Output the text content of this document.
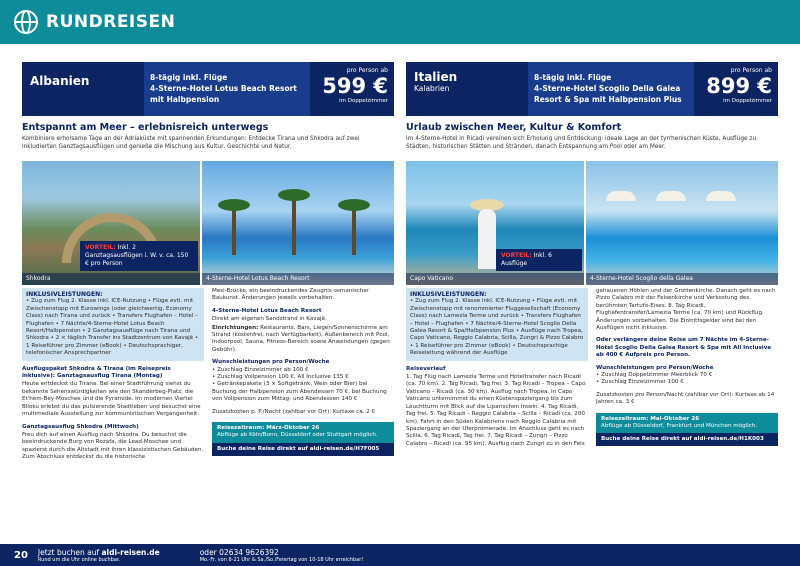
RUNDREISEN
Albanien	8-tägig inkl. Flüge
4-Sterne-Hotel Lotus Beach Resort
mit Halbpension
pro Person ab
599 €
im Doppelzimmer
Entspannt am Meer – erlebnisreich unterwegs
Kombiniere erholsame Tage an der Adriaküste mit spannenden Erkundungen: Entdecke Tirana und Shkodra auf zwei inkludierten Ganztagsausflügen und genieße die Mischung aus Kultur, Geschichte und Natur.
Shkodra	4-Sterne-Hotel Lotus Beach Resort
VORTEIL: Inkl. 2 Ganztagsausflügen i. W. v. ca. 150 € pro Person
INKLUSIVLEISTUNGEN:
• Zug zum Flug 2. Klasse inkl. ICE-Nutzung • Flüge evtl. mit Zwischenstopp mit Eurowings (oder gleichwertig, Economy Class) nach Tirana und zurück • Transfers Flughafen – Hotel – Flughafen • 7 Nächte/4-Sterne-Hotel Lotus Beach Resort/Halbpension • 2 Ganztagsausflüge nach Tirana und Shkodra • 2 × täglich Transfer ins Stadtzentrum von Kavajë • 1 Reiseführer pro Zimmer (eBook) • Deutschsprachiger, telefonischer Ansprechpartner
Ausflugspaket Shkodra & Tirana (im Reisepreis inklusive): Ganztagsausflug Tirana (Montag)

Heute entdeckst du Tirana. Bei einer Stadtführung siehst du bekannte Sehenswürdigkeiten wie den Skanderbeg-Platz, die Et'hem-Bey-Moschee und die Pyramide. Im modernen Viertel Blloku erlebst du das pulsierende Stadtleben und besuchst eine multimediale Ausstellung zur kommunistischen Vergangenheit.

Ganztagsausflug Shkodra (Mittwoch)

Freu dich auf einen Ausflug nach Shkodra. Du besuchst die beeindruckende Burg von Rozafa, die Lead-Moschee und spazierst durch die Altstadt mit ihren klassizistischen Gebäuden. Zum Abschluss entdeckst du die historische

Mesi-Brücke, ein beeindruckendes Zeugnis osmanischer Baukunst. Änderungen jeweils vorbehalten.

4-Sterne-Hotel Lotus Beach Resort

Direkt am eigenen Sandstrand in Kavajë.

Einrichtungen: Restaurants, Bars, Liegen/Sonnenschirme am Strand (kostenfrei, nach Verfügbarkeit), Außenbereich mit Pool, Indoorpool, Sauna, Fitness-Bereich sowie Anwendungen (gegen Gebühr).

Wunschleistungen pro Person/Woche
• Zuschlag Einzelzimmer ab 100 €
• Zuschlag Vollpension 100 €, All Inclusive 135 €
• Getränkepakete (3 × Softgetränk, Wein oder Bier) bei Buchung der Halbpension zum Abendessen 70 €, bei Buchung von Vollpension zum Mittag- und Abendessen 140 €
Zusatzkosten p. P./Nacht (zahlbar vor Ort): Kurtaxe ca. 2 €
Reisezeitraum: März-Oktober 26
Abflüge ab Köln/Bonn, Düsseldorf oder Stuttgart möglich.
Buche deine Reise direkt auf aldi-reisen.de/H7F005
Italien
Kalabrien
8-tägig inkl. Flüge
4-Sterne-Hotel Scoglio Della Galea
Resort & Spa mit Halbpension Plus
pro Person ab
899 €
im Doppelzimmer
Urlaub zwischen Meer, Kultur & Komfort
Im 4-Sterne-Hotel in Ricadi vereinen sich Erholung und Entdeckung: ideale Lage an der tyrrhenischen Küste, Ausflüge zu Städten, historischen Stätten und Stränden, danach Entspannung am Pool oder am Meer.
Capo Vaticano	4-Sterne-Hotel Scoglio della Galea
VORTEIL: Inkl. 6 Ausflüge
INKLUSIVLEISTUNGEN:
• Zug zum Flug 2. Klasse inkl. ICE-Nutzung • Flüge evtl. mit Zwischenstopp mit renommierter Fluggesellschaft (Economy Class) nach Lamezia Terme und zurück • Transfers Flughafen – Hotel – Flughafen • 7 Nächte/4-Sterne-Hotel Scoglio Della Galea Resort & Spa/Halbpension Plus • Ausflüge nach Tropea, Capo Vaticano, Reggio Calabria, Scilla, Zungri & Pizzo Calabro • 1 Reiseführer pro Zimmer (eBook) • Deutschsprachige Reiseleitung während der Ausflüge
Reiseverlauf

1. Tag Flug nach Lamezia Terme und Hoteltransfer nach Ricadi (ca. 70 km). 2. Tag Ricadi, Tag frei. 3. Tag Ricadi – Tropea – Capo Vaticano – Ricadi (ca. 30 km). Ausflug nach Tropea. In Capo Vaticano unternimmst du einen Küstenspaziergang bis zum Leuchtturm mit Blick auf die Liparischen Inseln. 4. Tag Ricadi, Tag frei. 5. Tag Ricadi – Reggio Calabria – Scilla – Ricadi (ca. 200 km). Fahrt in den Süden Kalabriens nach Reggio Calabria mit Spaziergang an der Uferpromenade. Im Anschluss geht es nach Scilla. 6. Tag Ricadi, Tag frei. 7. Tag Ricadi – Zungri – Pizzo Calabro – Ricadi (ca. 95 km). Ausflug nach Zungri zu in den Fels

gehauenen Höhlen und der Grottenkirche. Danach geht es nach Pizzo Calabro mit der Felsenkirche und Verkostung des berühmten Tartufo-Eises. 8. Tag Ricadi, Flughafentransfer/Lamezia Terme (ca. 70 km) und Rückflug. Änderungen vorbehalten. Die Eintrittsgelder sind bei den Ausflügen nicht inklusive.

Oder verlängere deine Reise um 7 Nächte im 4-Sterne-Hotel Scoglio Della Galea Resort & Spa mit All Inclusive ab 400 € Aufpreis pro Person.
Wunschleistungen pro Person/Woche
• Zuschlag Doppelzimmer Meerblick 70 €
• Zuschlag Einzelzimmer 100 €
Zusatzkosten pro Person/Nacht (zahlbar vor Ort): Kurtaxe ab 14 Jahren ca. 3 €
Reisezeitraum: Mai-Oktober 26
Abflüge ab Düsseldorf, Frankfurt und München möglich.
Buche deine Reise direkt auf aldi-reisen.de/H1K003
20 Jetzt buchen auf aldi-reisen.de
Rund um die Uhr online buchbar.
oder 02634 9626392
Mo.-Fr. von 8-21 Uhr & Sa./So./Feiertag von 10-18 Uhr erreichbar!
